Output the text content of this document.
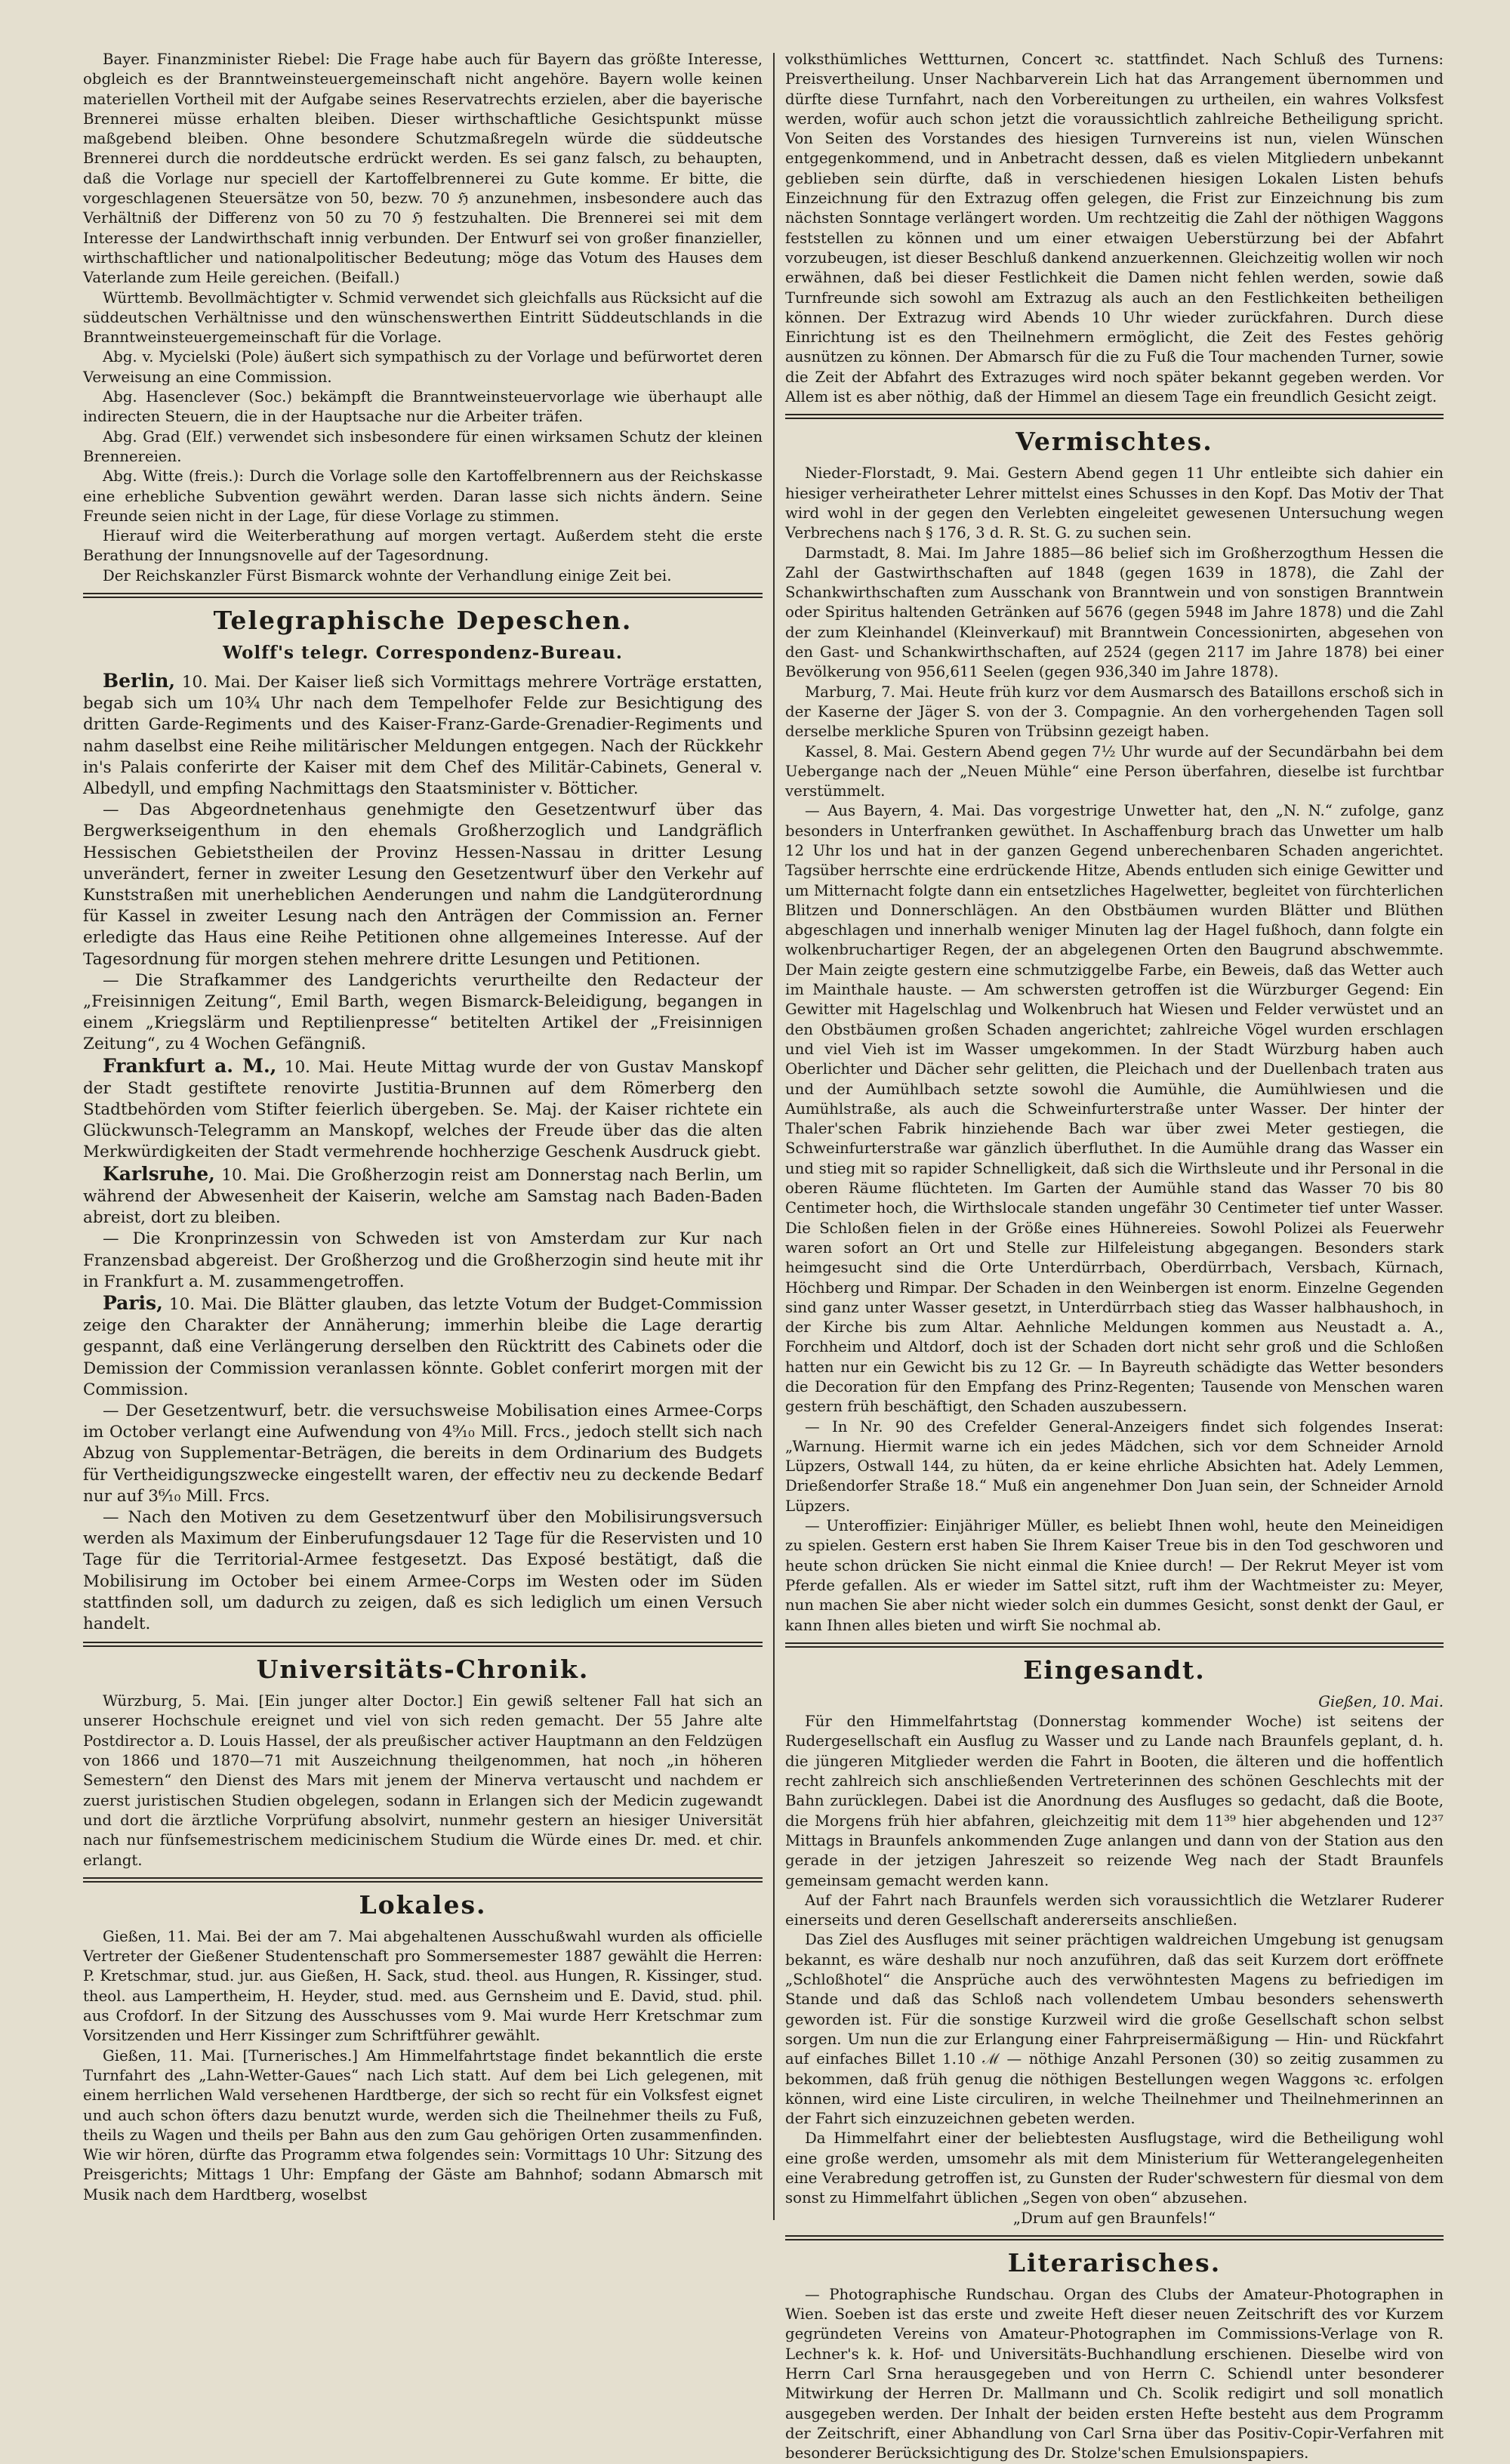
Bayer. Finanzminister Riebel: Die Frage habe auch für Bayern das größte Interesse, obgleich es der Branntweinsteuergemeinschaft nicht angehöre. Bayern wolle keinen materiellen Vortheil mit der Aufgabe seines Reservatrechts erzielen, aber die bayerische Brennerei müsse erhalten bleiben. Dieser wirthschaftliche Gesichtspunkt müsse maßgebend bleiben. Ohne besondere Schutzmaßregeln würde die süddeutsche Brennerei durch die norddeutsche erdrückt werden. Es sei ganz falsch, zu behaupten, daß die Vorlage nur speciell der Kartoffelbrennerei zu Gute komme. Er bitte, die vorgeschlagenen Steuersätze von 50, bezw. 70 ℌ anzunehmen, insbesondere auch das Verhältniß der Differenz von 50 zu 70 ℌ festzuhalten. Die Brennerei sei mit dem Interesse der Landwirthschaft innig verbunden. Der Entwurf sei von großer finanzieller, wirthschaftlicher und nationalpolitischer Bedeutung; möge das Votum des Hauses dem Vaterlande zum Heile gereichen. (Beifall.)

Württemb. Bevollmächtigter v. Schmid verwendet sich gleichfalls aus Rücksicht auf die süddeutschen Verhältnisse und den wünschenswerthen Eintritt Süddeutschlands in die Branntweinsteuergemeinschaft für die Vorlage.

Abg. v. Mycielski (Pole) äußert sich sympathisch zu der Vorlage und befürwortet deren Verweisung an eine Commission.

Abg. Hasenclever (Soc.) bekämpft die Branntweinsteuervorlage wie überhaupt alle indirecten Steuern, die in der Hauptsache nur die Arbeiter träfen.

Abg. Grad (Elf.) verwendet sich insbesondere für einen wirksamen Schutz der kleinen Brennereien.

Abg. Witte (freis.): Durch die Vorlage solle den Kartoffelbrennern aus der Reichskasse eine erhebliche Subvention gewährt werden. Daran lasse sich nichts ändern. Seine Freunde seien nicht in der Lage, für diese Vorlage zu stimmen.

Hierauf wird die Weiterberathung auf morgen vertagt. Außerdem steht die erste Berathung der Innungsnovelle auf der Tagesordnung.

Der Reichskanzler Fürst Bismarck wohnte der Verhandlung einige Zeit bei.

Telegraphische Depeschen.
Wolff's telegr. Correspondenz-Bureau.

Berlin, 10. Mai. Der Kaiser ließ sich Vormittags mehrere Vorträge erstatten, begab sich um 10¾ Uhr nach dem Tempelhofer Felde zur Besichtigung des dritten Garde-Regiments und des Kaiser-Franz-Garde-Grenadier-Regiments und nahm daselbst eine Reihe militärischer Meldungen entgegen. Nach der Rückkehr in's Palais conferirte der Kaiser mit dem Chef des Militär-Cabinets, General v. Albedyll, und empfing Nachmittags den Staatsminister v. Bötticher.

— Das Abgeordnetenhaus genehmigte den Gesetzentwurf über das Bergwerkseigenthum in den ehemals Großherzoglich und Landgräflich Hessischen Gebietstheilen der Provinz Hessen-Nassau in dritter Lesung unverändert, ferner in zweiter Lesung den Gesetzentwurf über den Verkehr auf Kunststraßen mit unerheblichen Aenderungen und nahm die Landgüterordnung für Kassel in zweiter Lesung nach den Anträgen der Commission an. Ferner erledigte das Haus eine Reihe Petitionen ohne allgemeines Interesse. Auf der Tagesordnung für morgen stehen mehrere dritte Lesungen und Petitionen.

— Die Strafkammer des Landgerichts verurtheilte den Redacteur der „Freisinnigen Zeitung“, Emil Barth, wegen Bismarck-Beleidigung, begangen in einem „Kriegslärm und Reptilienpresse“ betitelten Artikel der „Freisinnigen Zeitung“, zu 4 Wochen Gefängniß.

Frankfurt a. M., 10. Mai. Heute Mittag wurde der von Gustav Manskopf der Stadt gestiftete renovirte Justitia-Brunnen auf dem Römerberg den Stadtbehörden vom Stifter feierlich übergeben. Se. Maj. der Kaiser richtete ein Glückwunsch-Telegramm an Manskopf, welches der Freude über das die alten Merkwürdigkeiten der Stadt vermehrende hochherzige Geschenk Ausdruck giebt.

Karlsruhe, 10. Mai. Die Großherzogin reist am Donnerstag nach Berlin, um während der Abwesenheit der Kaiserin, welche am Samstag nach Baden-Baden abreist, dort zu bleiben.

— Die Kronprinzessin von Schweden ist von Amsterdam zur Kur nach Franzensbad abgereist. Der Großherzog und die Großherzogin sind heute mit ihr in Frankfurt a. M. zusammengetroffen.

Paris, 10. Mai. Die Blätter glauben, das letzte Votum der Budget-Commission zeige den Charakter der Annäherung; immerhin bleibe die Lage derartig gespannt, daß eine Verlängerung derselben den Rücktritt des Cabinets oder die Demission der Commission veranlassen könnte. Goblet conferirt morgen mit der Commission.

— Der Gesetzentwurf, betr. die versuchsweise Mobilisation eines Armee-Corps im October verlangt eine Aufwendung von 4⁹⁄₁₀ Mill. Frcs., jedoch stellt sich nach Abzug von Supplementar-Beträgen, die bereits in dem Ordinarium des Budgets für Vertheidigungszwecke eingestellt waren, der effectiv neu zu deckende Bedarf nur auf 3⁶⁄₁₀ Mill. Frcs.

— Nach den Motiven zu dem Gesetzentwurf über den Mobilisirungsversuch werden als Maximum der Einberufungsdauer 12 Tage für die Reservisten und 10 Tage für die Territorial-Armee festgesetzt. Das Exposé bestätigt, daß die Mobilisirung im October bei einem Armee-Corps im Westen oder im Süden stattfinden soll, um dadurch zu zeigen, daß es sich lediglich um einen Versuch handelt.

Universitäts-Chronik.

Würzburg, 5. Mai. [Ein junger alter Doctor.] Ein gewiß seltener Fall hat sich an unserer Hochschule ereignet und viel von sich reden gemacht. Der 55 Jahre alte Postdirector a. D. Louis Hassel, der als preußischer activer Hauptmann an den Feldzügen von 1866 und 1870—71 mit Auszeichnung theilgenommen, hat noch „in höheren Semestern“ den Dienst des Mars mit jenem der Minerva vertauscht und nachdem er zuerst juristischen Studien obgelegen, sodann in Erlangen sich der Medicin zugewandt und dort die ärztliche Vorprüfung absolvirt, nunmehr gestern an hiesiger Universität nach nur fünfsemestrischem medicinischem Studium die Würde eines Dr. med. et chir. erlangt.

Lokales.

Gießen, 11. Mai. Bei der am 7. Mai abgehaltenen Ausschußwahl wurden als officielle Vertreter der Gießener Studentenschaft pro Sommersemester 1887 gewählt die Herren: P. Kretschmar, stud. jur. aus Gießen, H. Sack, stud. theol. aus Hungen, R. Kissinger, stud. theol. aus Lampertheim, H. Heyder, stud. med. aus Gernsheim und E. David, stud. phil. aus Crofdorf. In der Sitzung des Ausschusses vom 9. Mai wurde Herr Kretschmar zum Vorsitzenden und Herr Kissinger zum Schriftführer gewählt.

Gießen, 11. Mai. [Turnerisches.] Am Himmelfahrtstage findet bekanntlich die erste Turnfahrt des „Lahn-Wetter-Gaues“ nach Lich statt. Auf dem bei Lich gelegenen, mit einem herrlichen Wald versehenen Hardtberge, der sich so recht für ein Volksfest eignet und auch schon öfters dazu benutzt wurde, werden sich die Theilnehmer theils zu Fuß, theils zu Wagen und theils per Bahn aus den zum Gau gehörigen Orten zusammenfinden. Wie wir hören, dürfte das Programm etwa folgendes sein: Vormittags 10 Uhr: Sitzung des Preisgerichts; Mittags 1 Uhr: Empfang der Gäste am Bahnhof; sodann Abmarsch mit Musik nach dem Hardtberg, woselbst

volksthümliches Wettturnen, Concert ꝛc. stattfindet. Nach Schluß des Turnens: Preisvertheilung. Unser Nachbarverein Lich hat das Arrangement übernommen und dürfte diese Turnfahrt, nach den Vorbereitungen zu urtheilen, ein wahres Volksfest werden, wofür auch schon jetzt die voraussichtlich zahlreiche Betheiligung spricht. Von Seiten des Vorstandes des hiesigen Turnvereins ist nun, vielen Wünschen entgegenkommend, und in Anbetracht dessen, daß es vielen Mitgliedern unbekannt geblieben sein dürfte, daß in verschiedenen hiesigen Lokalen Listen behufs Einzeichnung für den Extrazug offen gelegen, die Frist zur Einzeichnung bis zum nächsten Sonntage verlängert worden. Um rechtzeitig die Zahl der nöthigen Waggons feststellen zu können und um einer etwaigen Ueberstürzung bei der Abfahrt vorzubeugen, ist dieser Beschluß dankend anzuerkennen. Gleichzeitig wollen wir noch erwähnen, daß bei dieser Festlichkeit die Damen nicht fehlen werden, sowie daß Turnfreunde sich sowohl am Extrazug als auch an den Festlichkeiten betheiligen können. Der Extrazug wird Abends 10 Uhr wieder zurückfahren. Durch diese Einrichtung ist es den Theilnehmern ermöglicht, die Zeit des Festes gehörig ausnützen zu können. Der Abmarsch für die zu Fuß die Tour machenden Turner, sowie die Zeit der Abfahrt des Extrazuges wird noch später bekannt gegeben werden. Vor Allem ist es aber nöthig, daß der Himmel an diesem Tage ein freundlich Gesicht zeigt.

Vermischtes.

Nieder-Florstadt, 9. Mai. Gestern Abend gegen 11 Uhr entleibte sich dahier ein hiesiger verheiratheter Lehrer mittelst eines Schusses in den Kopf. Das Motiv der That wird wohl in der gegen den Verlebten eingeleitet gewesenen Untersuchung wegen Verbrechens nach § 176, 3 d. R. St. G. zu suchen sein.

Darmstadt, 8. Mai. Im Jahre 1885—86 belief sich im Großherzogthum Hessen die Zahl der Gastwirthschaften auf 1848 (gegen 1639 in 1878), die Zahl der Schankwirthschaften zum Ausschank von Branntwein und von sonstigen Branntwein oder Spiritus haltenden Getränken auf 5676 (gegen 5948 im Jahre 1878) und die Zahl der zum Kleinhandel (Kleinverkauf) mit Branntwein Concessionirten, abgesehen von den Gast- und Schankwirthschaften, auf 2524 (gegen 2117 im Jahre 1878) bei einer Bevölkerung von 956,611 Seelen (gegen 936,340 im Jahre 1878).

Marburg, 7. Mai. Heute früh kurz vor dem Ausmarsch des Bataillons erschoß sich in der Kaserne der Jäger S. von der 3. Compagnie. An den vorhergehenden Tagen soll derselbe merkliche Spuren von Trübsinn gezeigt haben.

Kassel, 8. Mai. Gestern Abend gegen 7½ Uhr wurde auf der Secundärbahn bei dem Uebergange nach der „Neuen Mühle“ eine Person überfahren, dieselbe ist furchtbar verstümmelt.

— Aus Bayern, 4. Mai. Das vorgestrige Unwetter hat, den „N. N.“ zufolge, ganz besonders in Unterfranken gewüthet. In Aschaffenburg brach das Unwetter um halb 12 Uhr los und hat in der ganzen Gegend unberechenbaren Schaden angerichtet. Tagsüber herrschte eine erdrückende Hitze, Abends entluden sich einige Gewitter und um Mitternacht folgte dann ein entsetzliches Hagelwetter, begleitet von fürchterlichen Blitzen und Donnerschlägen. An den Obstbäumen wurden Blätter und Blüthen abgeschlagen und innerhalb weniger Minuten lag der Hagel fußhoch, dann folgte ein wolkenbruchartiger Regen, der an abgelegenen Orten den Baugrund abschwemmte. Der Main zeigte gestern eine schmutziggelbe Farbe, ein Beweis, daß das Wetter auch im Mainthale hauste. — Am schwersten getroffen ist die Würzburger Gegend: Ein Gewitter mit Hagelschlag und Wolkenbruch hat Wiesen und Felder verwüstet und an den Obstbäumen großen Schaden angerichtet; zahlreiche Vögel wurden erschlagen und viel Vieh ist im Wasser umgekommen. In der Stadt Würzburg haben auch Oberlichter und Dächer sehr gelitten, die Pleichach und der Duellenbach traten aus und der Aumühlbach setzte sowohl die Aumühle, die Aumühlwiesen und die Aumühlstraße, als auch die Schweinfurterstraße unter Wasser. Der hinter der Thaler'schen Fabrik hinziehende Bach war über zwei Meter gestiegen, die Schweinfurterstraße war gänzlich überfluthet. In die Aumühle drang das Wasser ein und stieg mit so rapider Schnelligkeit, daß sich die Wirthsleute und ihr Personal in die oberen Räume flüchteten. Im Garten der Aumühle stand das Wasser 70 bis 80 Centimeter hoch, die Wirthslocale standen ungefähr 30 Centimeter tief unter Wasser. Die Schloßen fielen in der Größe eines Hühnereies. Sowohl Polizei als Feuerwehr waren sofort an Ort und Stelle zur Hilfeleistung abgegangen. Besonders stark heimgesucht sind die Orte Unterdürrbach, Oberdürrbach, Versbach, Kürnach, Höchberg und Rimpar. Der Schaden in den Weinbergen ist enorm. Einzelne Gegenden sind ganz unter Wasser gesetzt, in Unterdürrbach stieg das Wasser halbhaushoch, in der Kirche bis zum Altar. Aehnliche Meldungen kommen aus Neustadt a. A., Forchheim und Altdorf, doch ist der Schaden dort nicht sehr groß und die Schloßen hatten nur ein Gewicht bis zu 12 Gr. — In Bayreuth schädigte das Wetter besonders die Decoration für den Empfang des Prinz-Regenten; Tausende von Menschen waren gestern früh beschäftigt, den Schaden auszubessern.

— In Nr. 90 des Crefelder General-Anzeigers findet sich folgendes Inserat: „Warnung. Hiermit warne ich ein jedes Mädchen, sich vor dem Schneider Arnold Lüpzers, Ostwall 144, zu hüten, da er keine ehrliche Absichten hat. Adely Lemmen, Drießendorfer Straße 18.“ Muß ein angenehmer Don Juan sein, der Schneider Arnold Lüpzers.

— Unteroffizier: Einjähriger Müller, es beliebt Ihnen wohl, heute den Meineidigen zu spielen. Gestern erst haben Sie Ihrem Kaiser Treue bis in den Tod geschworen und heute schon drücken Sie nicht einmal die Kniee durch! — Der Rekrut Meyer ist vom Pferde gefallen. Als er wieder im Sattel sitzt, ruft ihm der Wachtmeister zu: Meyer, nun machen Sie aber nicht wieder solch ein dummes Gesicht, sonst denkt der Gaul, er kann Ihnen alles bieten und wirft Sie nochmal ab.

Eingesandt.

Gießen, 10. Mai.

Für den Himmelfahrtstag (Donnerstag kommender Woche) ist seitens der Rudergesellschaft ein Ausflug zu Wasser und zu Lande nach Braunfels geplant, d. h. die jüngeren Mitglieder werden die Fahrt in Booten, die älteren und die hoffentlich recht zahlreich sich anschließenden Vertreterinnen des schönen Geschlechts mit der Bahn zurücklegen. Dabei ist die Anordnung des Ausfluges so gedacht, daß die Boote, die Morgens früh hier abfahren, gleichzeitig mit dem 11³⁹ hier abgehenden und 12³⁷ Mittags in Braunfels ankommenden Zuge anlangen und dann von der Station aus den gerade in der jetzigen Jahreszeit so reizende Weg nach der Stadt Braunfels gemeinsam gemacht werden kann.

Auf der Fahrt nach Braunfels werden sich voraussichtlich die Wetzlarer Ruderer einerseits und deren Gesellschaft andererseits anschließen.

Das Ziel des Ausfluges mit seiner prächtigen waldreichen Umgebung ist genugsam bekannt, es wäre deshalb nur noch anzuführen, daß das seit Kurzem dort eröffnete „Schloßhotel“ die Ansprüche auch des verwöhntesten Magens zu befriedigen im Stande und daß das Schloß nach vollendetem Umbau besonders sehenswerth geworden ist. Für die sonstige Kurzweil wird die große Gesellschaft schon selbst sorgen. Um nun die zur Erlangung einer Fahrpreisermäßigung — Hin- und Rückfahrt auf einfaches Billet 1.10 ℳ — nöthige Anzahl Personen (30) so zeitig zusammen zu bekommen, daß früh genug die nöthigen Bestellungen wegen Waggons ꝛc. erfolgen können, wird eine Liste circuliren, in welche Theilnehmer und Theilnehmerinnen an der Fahrt sich einzuzeichnen gebeten werden.

Da Himmelfahrt einer der beliebtesten Ausflugstage, wird die Betheiligung wohl eine große werden, umsomehr als mit dem Ministerium für Wetterangelegenheiten eine Verabredung getroffen ist, zu Gunsten der Ruder'schwestern für diesmal von dem sonst zu Himmelfahrt üblichen „Segen von oben“ abzusehen.

„Drum auf gen Braunfels!“

Literarisches.

— Photographische Rundschau. Organ des Clubs der Amateur-Photographen in Wien. Soeben ist das erste und zweite Heft dieser neuen Zeitschrift des vor Kurzem gegründeten Vereins von Amateur-Photographen im Commissions-Verlage von R. Lechner's k. k. Hof- und Universitäts-Buchhandlung erschienen. Dieselbe wird von Herrn Carl Srna herausgegeben und von Herrn C. Schiendl unter besonderer Mitwirkung der Herren Dr. Mallmann und Ch. Scolik redigirt und soll monatlich ausgegeben werden. Der Inhalt der beiden ersten Hefte besteht aus dem Programm der Zeitschrift, einer Abhandlung von Carl Srna über das Positiv-Copir-Verfahren mit besonderer Berücksichtigung des Dr. Stolze'schen Emulsionspapiers.
